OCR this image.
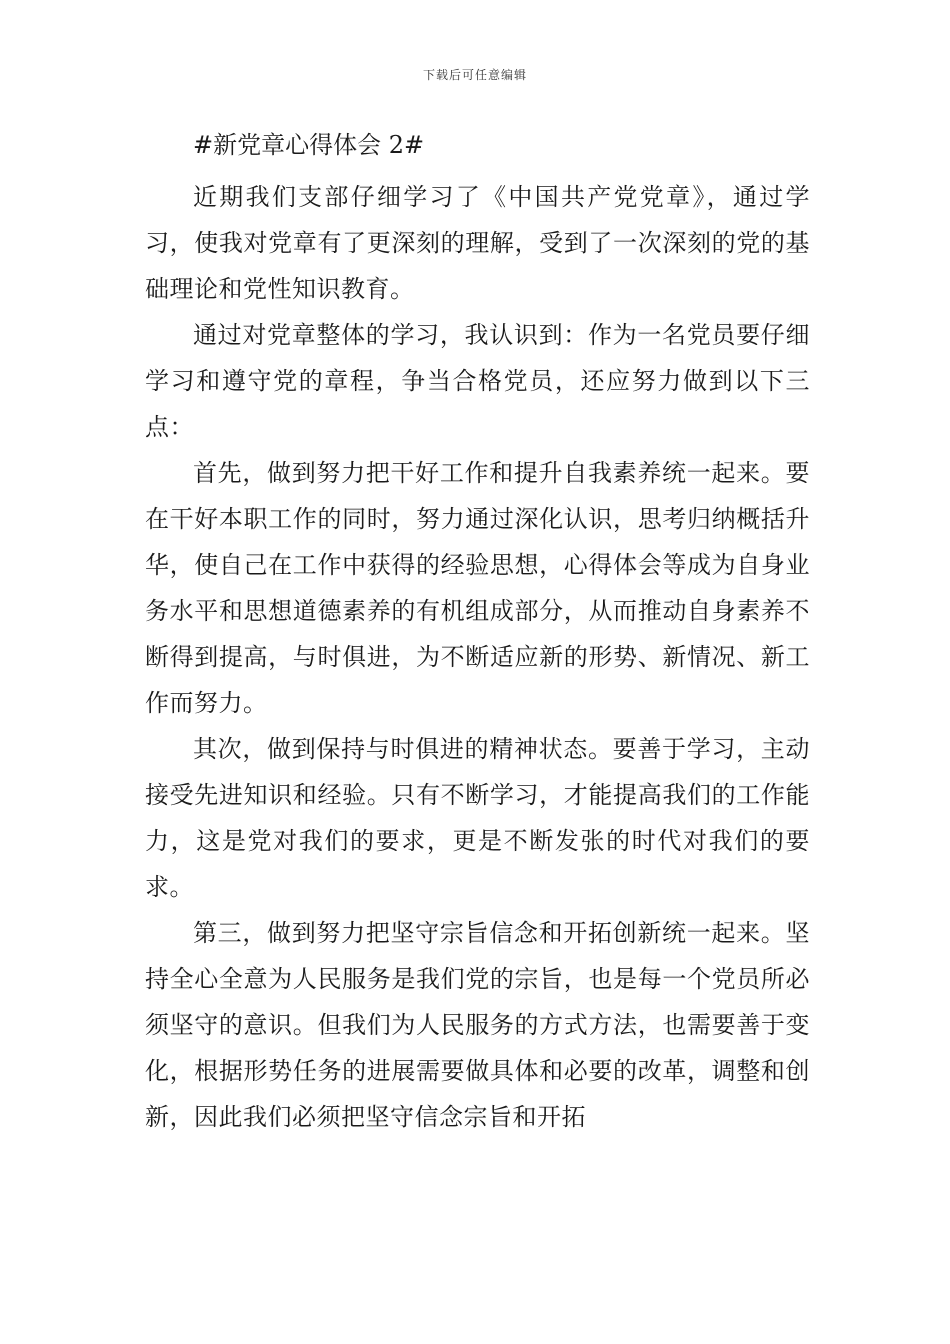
下载后可任意编辑
#新党章心得体会 2#

近期我们支部仔细学习了《中国共产党党章》，通过学习，使我对党章有了更深刻的理解，受到了一次深刻的党的基础理论和党性知识教育。

通过对党章整体的学习，我认识到：作为一名党员要仔细学习和遵守党的章程，争当合格党员，还应努力做到以下三点：

首先，做到努力把干好工作和提升自我素养统一起来。要在干好本职工作的同时，努力通过深化认识，思考归纳概括升华，使自己在工作中获得的经验思想，心得体会等成为自身业务水平和思想道德素养的有机组成部分，从而推动自身素养不断得到提高，与时俱进，为不断适应新的形势、新情况、新工作而努力。

其次，做到保持与时俱进的精神状态。要善于学习，主动接受先进知识和经验。只有不断学习，才能提高我们的工作能力，这是党对我们的要求，更是不断发张的时代对我们的要求。

第三，做到努力把坚守宗旨信念和开拓创新统一起来。坚持全心全意为人民服务是我们党的宗旨，也是每一个党员所必须坚守的意识。但我们为人民服务的方式方法，也需要善于变化，根据形势任务的进展需要做具体和必要的改革，调整和创新，因此我们必须把坚守信念宗旨和开拓
